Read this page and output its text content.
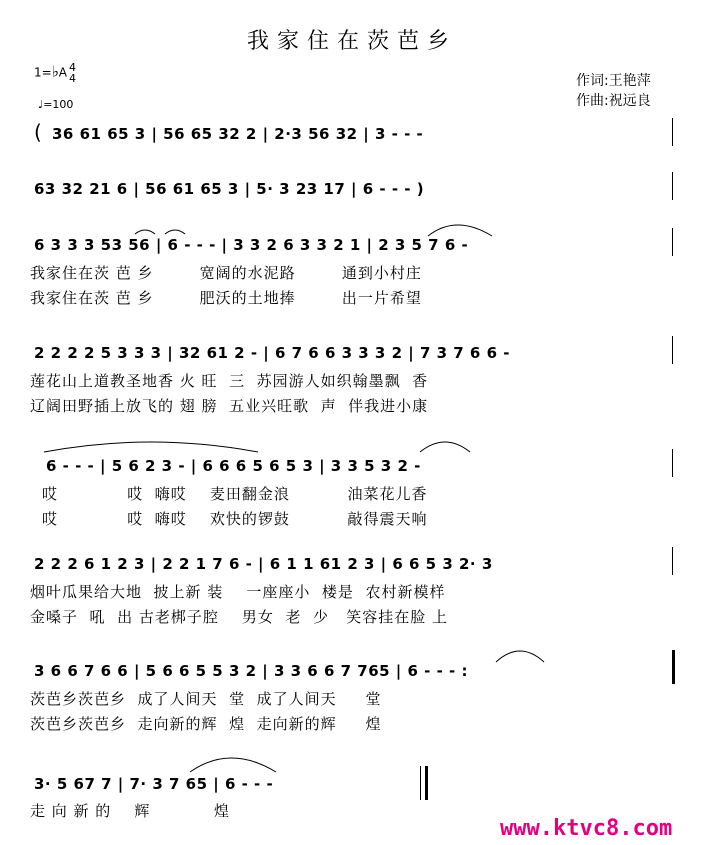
我家住在茨芭乡
1=♭A 4
4
♩=100
作词:王艳萍
作曲:祝远良
( 36 61 65 3 | 56 65 32 2 | 2·3 56 32 | 3 - - -
63 32 21 6 | 56 61 65 3 | 5· 3 23 17 | 6 - - - )
6 3 3 3 53 56 | 6 - - - | 3 3 2 6 3 3 2 1 | 2 3 5 7 6 -
我家住在茨 芭 乡        宽阔的水泥路        通到小村庄
我家住在茨 芭 乡        肥沃的土地捧        出一片希望
2 2 2 2 5 3 3 3 | 32 61 2 - | 6 7 6 6 3 3 3 2 | 7 3 7 6 6 -
莲花山上道教圣地香 火 旺  三  苏园游人如织翰墨飘  香
辽阔田野插上放飞的 翅 膀  五业兴旺歌  声  伴我进小康
6 - - - | 5 6 2 3 - | 6 6 6 5 6 5 3 | 3 3 5 3 2 -
哎            哎  嗨哎    麦田翻金浪          油菜花儿香
哎            哎  嗨哎    欢快的锣鼓          敲得震天响
2 2 2 6 1 2 3 | 2 2 1 7 6 - | 6 1 1 61 2 3 | 6 6 5 3 2· 3
烟叶瓜果给大地  披上新 装    一座座小  楼是  农村新模样
金嗓子  吼  出 古老梆子腔    男女  老  少   笑容挂在脸 上
3 6 6 7 6 6 | 5 6 6 5 5 3 2 | 3 3 6 6 7 765 | 6 - - - :
茨芭乡茨芭乡  成了人间天  堂  成了人间天     堂
茨芭乡茨芭乡  走向新的辉  煌  走向新的辉     煌
3· 5 67 7 | 7· 3 7 65 | 6 - - -
走 向 新 的    辉           煌
www.ktvc8.com
